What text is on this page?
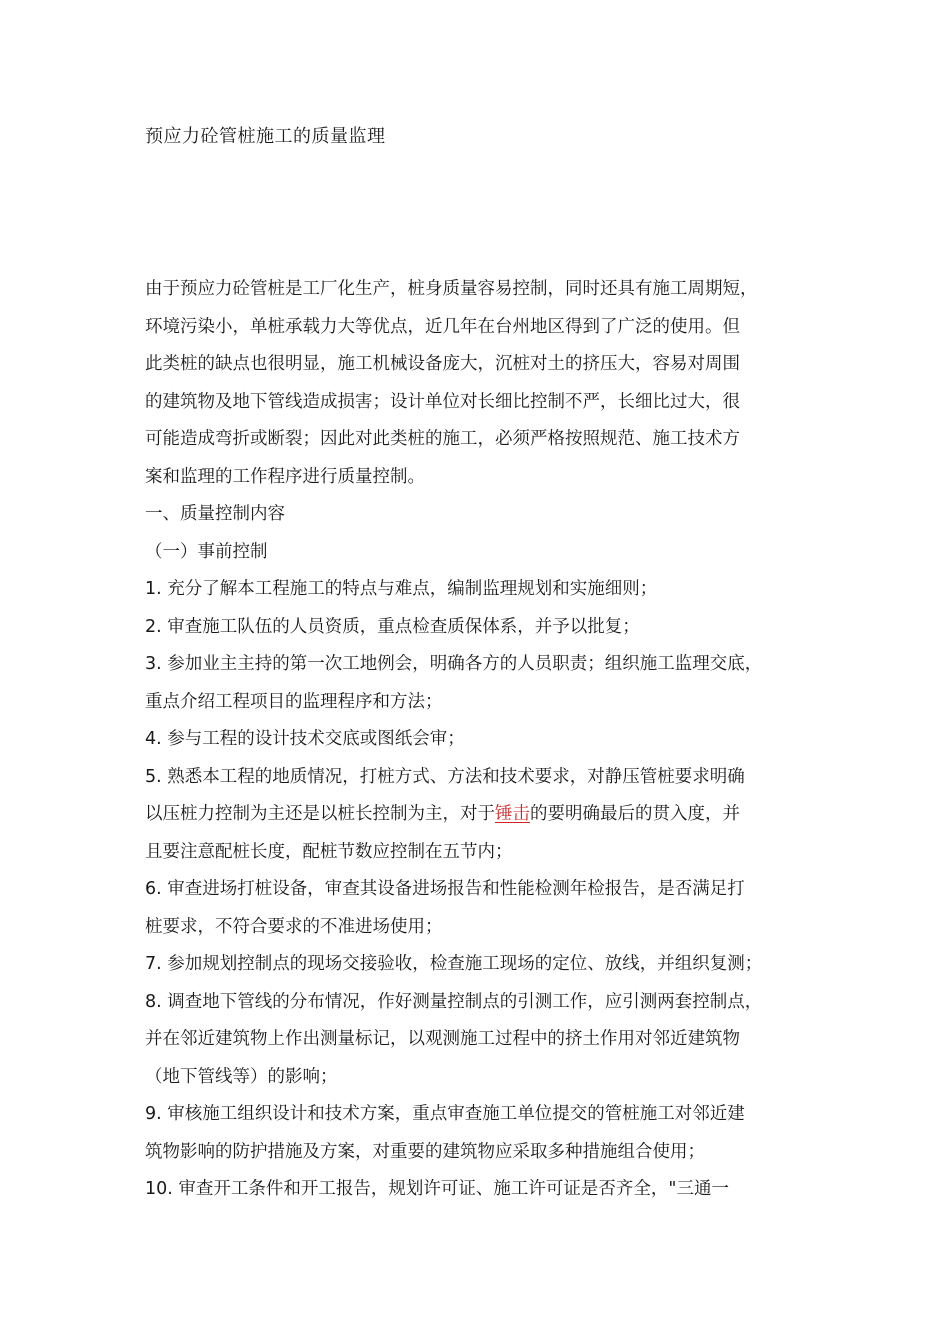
预应力砼管桩施工的质量监理
由于预应力砼管桩是工厂化生产，桩身质量容易控制，同时还具有施工周期短，
环境污染小，单桩承载力大等优点，近几年在台州地区得到了广泛的使用。但
此类桩的缺点也很明显，施工机械设备庞大，沉桩对土的挤压大，容易对周围
的建筑物及地下管线造成损害；设计单位对长细比控制不严，长细比过大，很
可能造成弯折或断裂；因此对此类桩的施工，必须严格按照规范、施工技术方
案和监理的工作程序进行质量控制。
一、质量控制内容
（一）事前控制
1. 充分了解本工程施工的特点与难点，编制监理规划和实施细则；
2. 审查施工队伍的人员资质，重点检查质保体系，并予以批复；
3. 参加业主主持的第一次工地例会，明确各方的人员职责；组织施工监理交底，
重点介绍工程项目的监理程序和方法；
4. 参与工程的设计技术交底或图纸会审；
5. 熟悉本工程的地质情况，打桩方式、方法和技术要求，对静压管桩要求明确
以压桩力控制为主还是以桩长控制为主，对于锤击的要明确最后的贯入度，并
且要注意配桩长度，配桩节数应控制在五节内；
6. 审查进场打桩设备，审查其设备进场报告和性能检测年检报告，是否满足打
桩要求，不符合要求的不准进场使用；
7. 参加规划控制点的现场交接验收，检查施工现场的定位、放线，并组织复测；
8. 调查地下管线的分布情况，作好测量控制点的引测工作，应引测两套控制点，
并在邻近建筑物上作出测量标记，以观测施工过程中的挤土作用对邻近建筑物
（地下管线等）的影响；
9. 审核施工组织设计和技术方案，重点审查施工单位提交的管桩施工对邻近建
筑物影响的防护措施及方案，对重要的建筑物应采取多种措施组合使用；
10. 审查开工条件和开工报告，规划许可证、施工许可证是否齐全，"三通一
